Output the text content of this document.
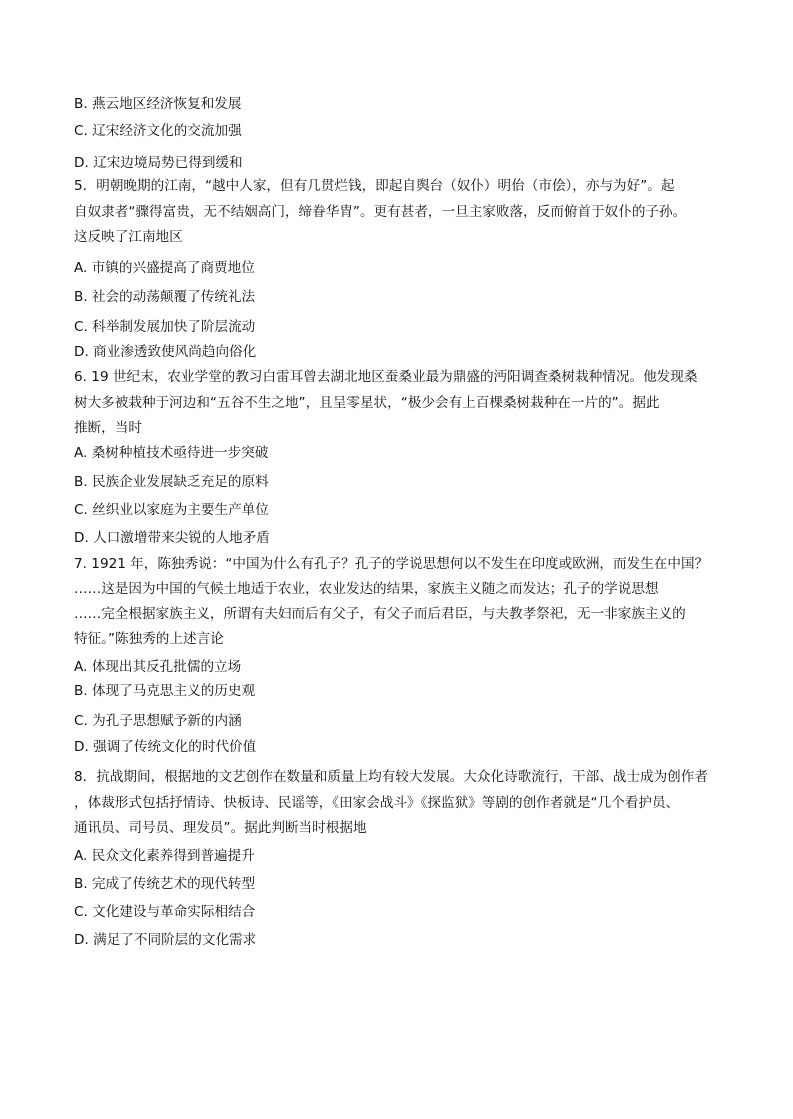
B. 燕云地区经济恢复和发展

C. 辽宋经济文化的交流加强

D. 辽宋边境局势已得到缓和

5．明朝晚期的江南，“越中人家，但有几贯烂钱，即起自舆台（奴仆）明佁（市侩），亦与为好”。起

自奴隶者“骤得富贵，无不结姻高门，缔眷华胄”。更有甚者，一旦主家败落，反而俯首于奴仆的子孙。

这反映了江南地区

A. 市镇的兴盛提高了商贾地位

B. 社会的动荡颠覆了传统礼法

C. 科举制发展加快了阶层流动

D. 商业渗透致使风尚趋向俗化

6. 19 世纪末，农业学堂的教习白雷耳曾去湖北地区蚕桑业最为鼎盛的沔阳调查桑树栽种情况。他发现桑

树大多被栽种于河边和“五谷不生之地”，且呈零星状，“极少会有上百棵桑树栽种在一片的”。据此

推断，当时

A. 桑树种植技术亟待进一步突破

B. 民族企业发展缺乏充足的原料

C. 丝织业以家庭为主要生产单位

D. 人口激增带来尖锐的人地矛盾

7. 1921 年，陈独秀说：“中国为什么有孔子？孔子的学说思想何以不发生在印度或欧洲，而发生在中国？

……这是因为中国的气候土地适于农业，农业发达的结果，家族主义随之而发达；孔子的学说思想

……完全根据家族主义，所谓有夫妇而后有父子，有父子而后君臣，与夫教孝祭祀，无一非家族主义的

特征。”陈独秀的上述言论

A. 体现出其反孔批儒的立场

B. 体现了马克思主义的历史观

C. 为孔子思想赋予新的内涵

D. 强调了传统文化的时代价值

8．抗战期间，根据地的文艺创作在数量和质量上均有较大发展。大众化诗歌流行，干部、战士成为创作者

，体裁形式包括抒情诗、快板诗、民谣等，《田家会战斗》《探监狱》等剧的创作者就是“几个看护员、

通讯员、司号员、理发员”。据此判断当时根据地

A. 民众文化素养得到普遍提升

B. 完成了传统艺术的现代转型

C. 文化建设与革命实际相结合

D. 满足了不同阶层的文化需求
